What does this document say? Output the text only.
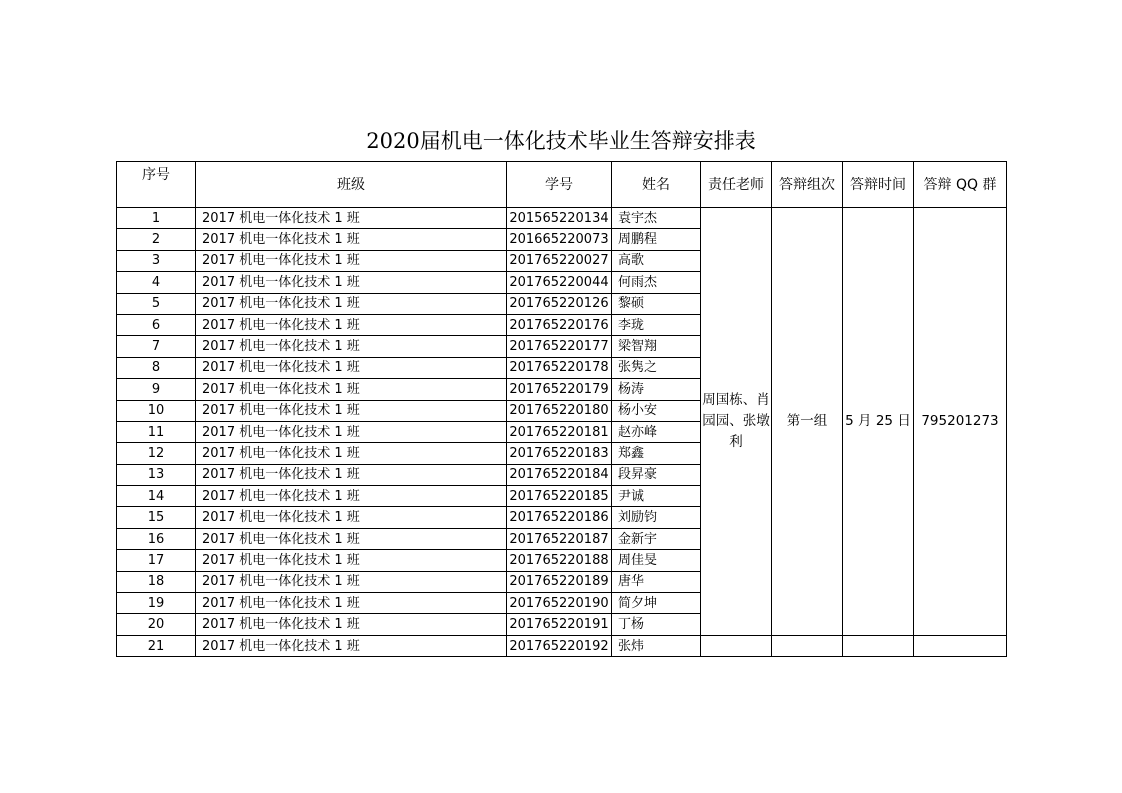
2020届机电一体化技术毕业生答辩安排表
序号	班级	学号	姓名	责任老师	答辩组次	答辩时间	答辩 QQ 群
1	2017 机电一体化技术 1 班	201565220134	袁宇杰	周国栋、肖园园、张墩利	第一组	5 月 25 日	795201273
2	2017 机电一体化技术 1 班	201665220073	周鹏程				
3	2017 机电一体化技术 1 班	201765220027	高歌				
4	2017 机电一体化技术 1 班	201765220044	何雨杰				
5	2017 机电一体化技术 1 班	201765220126	黎硕				
6	2017 机电一体化技术 1 班	201765220176	李珑				
7	2017 机电一体化技术 1 班	201765220177	梁智翔				
8	2017 机电一体化技术 1 班	201765220178	张隽之				
9	2017 机电一体化技术 1 班	201765220179	杨涛				
10	2017 机电一体化技术 1 班	201765220180	杨小安				
11	2017 机电一体化技术 1 班	201765220181	赵亦峰				
12	2017 机电一体化技术 1 班	201765220183	郑鑫				
13	2017 机电一体化技术 1 班	201765220184	段昇豪				
14	2017 机电一体化技术 1 班	201765220185	尹诚				
15	2017 机电一体化技术 1 班	201765220186	刘励钧				
16	2017 机电一体化技术 1 班	201765220187	金新宇				
17	2017 机电一体化技术 1 班	201765220188	周佳旻				
18	2017 机电一体化技术 1 班	201765220189	唐华				
19	2017 机电一体化技术 1 班	201765220190	简夕坤				
20	2017 机电一体化技术 1 班	201765220191	丁杨				
21	2017 机电一体化技术 1 班	201765220192	张炜				
